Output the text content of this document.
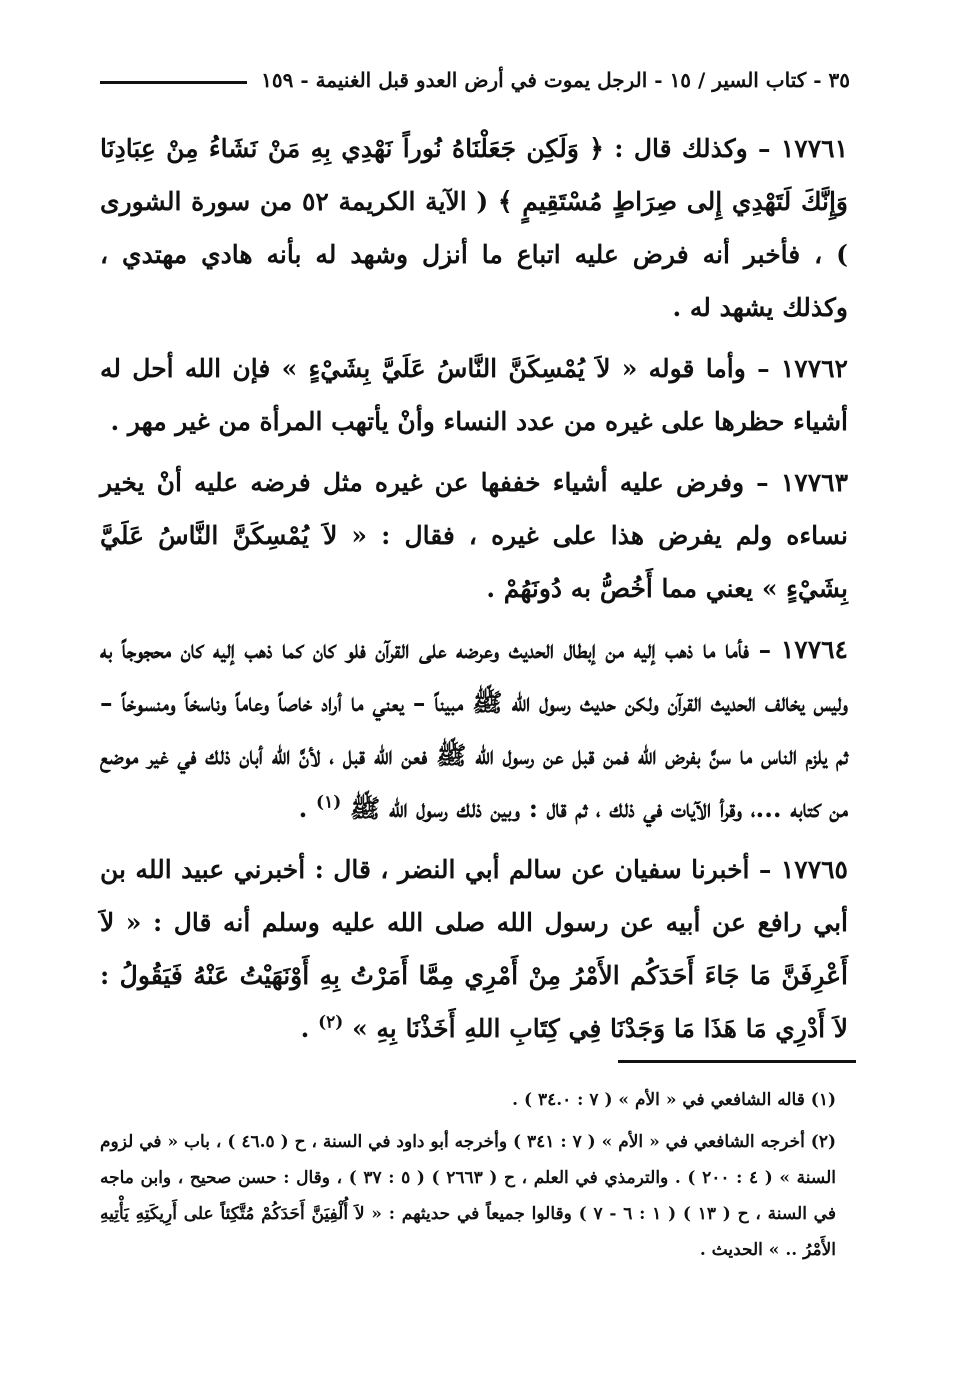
٣٥ - كتاب السير / ١٥ - الرجل يموت في أرض العدو قبل الغنيمة - ١٥٩

١٧٧٦١ – وكذلك قال : ﴿ وَلَكِن جَعَلْنَاهُ نُوراً نَهْدِي بِهِ مَنْ نَشَاءُ مِنْ عِبَادِنَا وَإِنَّكَ لَتَهْدِي إِلى صِرَاطٍ مُسْتَقِيمٍ ﴾ ( الآية الكريمة ٥٢ من سورة الشورى ) ، فأخبر أنه فرض عليه اتباع ما أنزل وشهد له بأنه هادي مهتدي ، وكذلك يشهد له .

١٧٧٦٢ – وأما قوله « لاَ يُمْسِكَنَّ النَّاسُ عَلَيَّ بِشَيْءٍ » فإن الله أحل له أشياء حظرها على غيره من عدد النساء وأنْ يأتهب المرأة من غير مهر .

١٧٧٦٣ – وفرض عليه أشياء خففها عن غيره مثل فرضه عليه أنْ يخير نساءه ولم يفرض هذا على غيره ، فقال : « لاَ يُمْسِكَنَّ النَّاسُ عَلَيَّ بِشَيْءٍ » يعني مما أَخُصُّ به دُونَهُمْ .

١٧٧٦٤ – فأما ما ذهب إليه من إبطال الحديث وعرضه على القرآن فلو كان كما ذهب إليه كان محجوجاً به وليس يخالف الحديث القرآن ولكن حديث رسول الله ﷺ مبيناً – يعني ما أراد خاصاً وعاماً وناسخاً ومنسوخاً – ثم يلزم الناس ما سنَّ بفرض الله فمن قبل عن رسول الله ﷺ فعن الله قبل ، لأنَّ الله أبان ذلك في غير موضع من كتابه ...، وقرأ الآيات في ذلك ، ثم قال : وبين ذلك رسول الله ﷺ $^{(١)}$ .

١٧٧٦٥ – أخبرنا سفيان عن سالم أبي النضر ، قال : أخبرني عبيد الله بن أبي رافع عن أبيه عن رسول الله صلى الله عليه وسلم أنه قال : « لاَ أَعْرِفَنَّ مَا جَاءَ أَحَدَكُم الأَمْرُ مِنْ أَمْرِي مِمَّا أَمَرْتُ بِهِ أَوْنَهَيْتُ عَنْهُ فَيَقُولُ : لاَ أَدْرِي مَا هَذَا مَا وَجَدْنَا فِي كِتَابِ اللهِ أَخَذْنَا بِهِ » $^{(٢)}$ .

(١) قاله الشافعي في « الأم » ( ٧ : ٣٤.٠ ) .

(٢) أخرجه الشافعي في « الأم » ( ٧ : ٣٤١ ) وأخرجه أبو داود في السنة ، ح ( ٤٦.٥ ) ، باب « في لزوم السنة » ( ٤ : ٢٠٠ ) . والترمذي في العلم ، ح ( ٢٦٦٣ ) ( ٥ : ٣٧ ) ، وقال : حسن صحيح ، وابن ماجه في السنة ، ح ( ١٣ ) ( ١ : ٦ - ٧ ) وقالوا جميعاً في حديثهم : « لاَ أُلْفِيَنَّ أَحَدَكُمْ مُتَّكِئاً على أَرِيكَتِهِ يَأْتِيهِ الأَمْرُ .. » الحديث .
